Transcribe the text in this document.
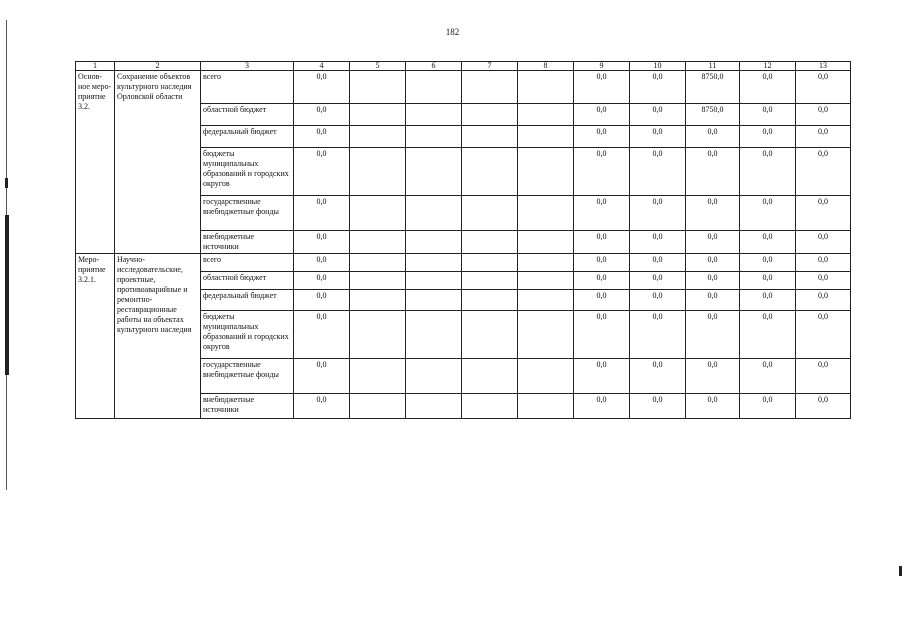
182
1	2	3	4	5	6	7	8	9	10	11	12	13
Основ-ное меро-приятие 3.2.	Сохранение объектов культурного наследия Орловской области	всего	0,0					0,0	0,0	8750,0	0,0	0,0
		областной бюджет	0,0					0,0	0,0	8750,0	0,0	0,0
		федеральный бюджет	0,0					0,0	0,0	0,0	0,0	0,0
		бюджеты муниципальных образований и городских округов	0,0					0,0	0,0	0,0	0,0	0,0
		государственные внебюджетные фонды	0,0					0,0	0,0	0,0	0,0	0,0
		внебюджетные источники	0,0					0,0	0,0	0,0	0,0	0,0
Меро-приятие 3.2.1.	Научно-исследовательские, проектные, противоаварийные и ремонтно-реставрационные работы на объектах культурного наследия	всего	0,0					0,0	0,0	0,0	0,0	0,0
		областной бюджет	0,0					0,0	0,0	0,0	0,0	0,0
		федеральный бюджет	0,0					0,0	0,0	0,0	0,0	0,0
		бюджеты муниципальных образований и городских округов	0,0					0,0	0,0	0,0	0,0	0,0
		государственные внебюджетные фонды	0,0					0,0	0,0	0,0	0,0	0,0
		внебюджетные источники	0,0					0,0	0,0	0,0	0,0	0,0
